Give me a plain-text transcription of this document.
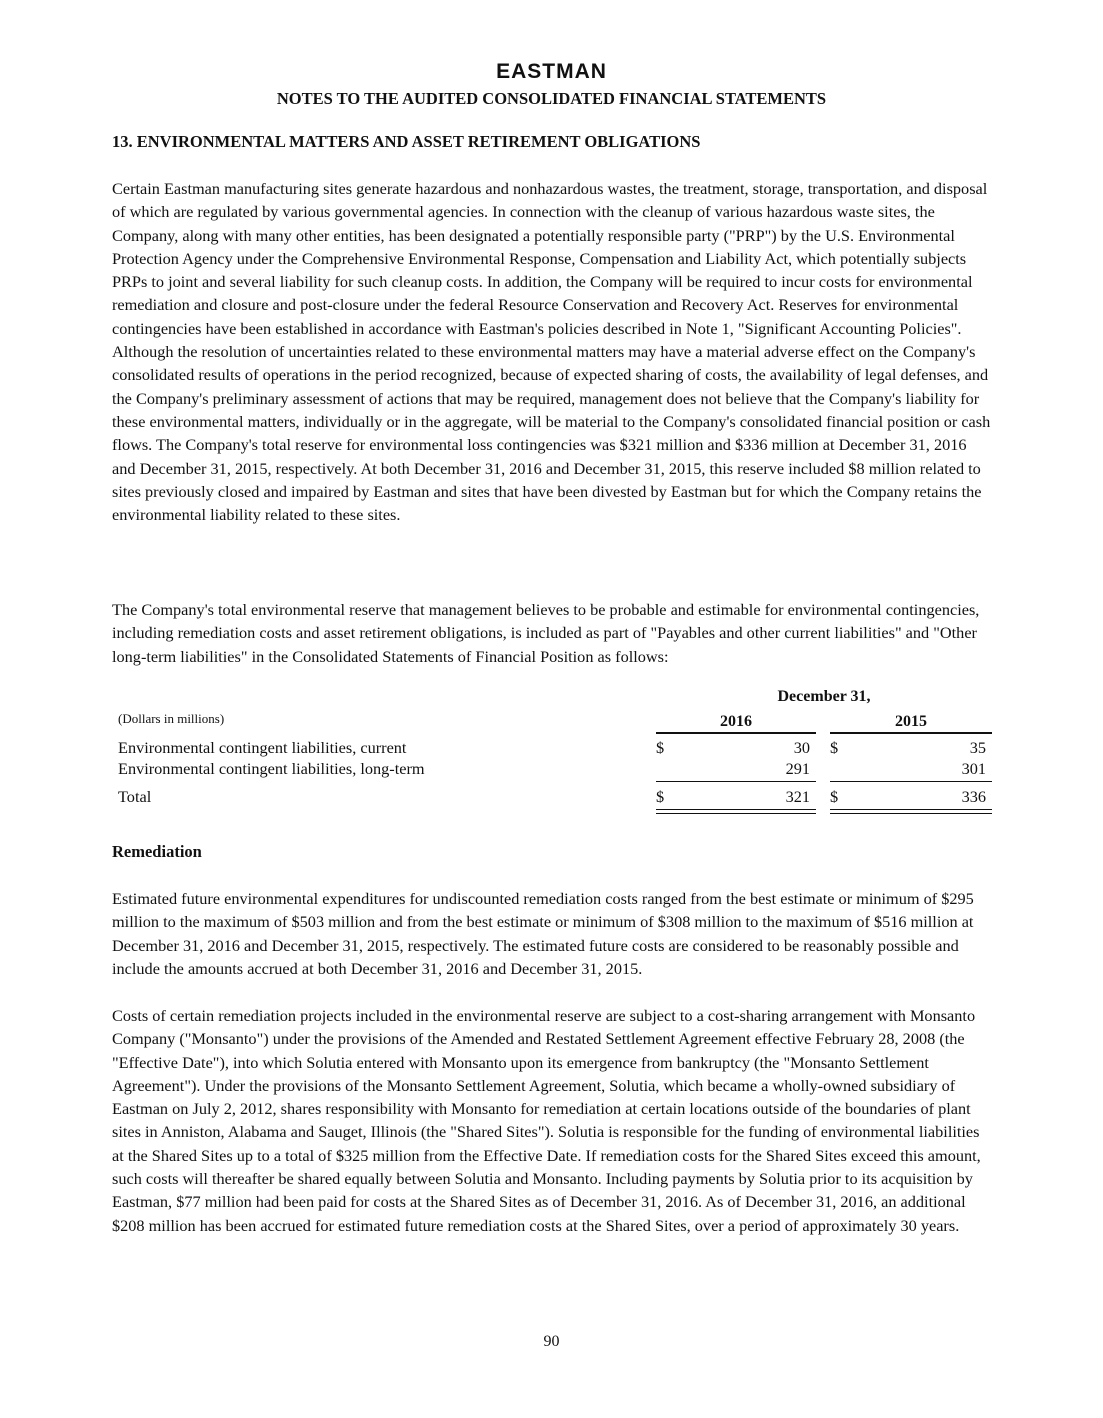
EASTMAN
NOTES TO THE AUDITED CONSOLIDATED FINANCIAL STATEMENTS
13. ENVIRONMENTAL MATTERS AND ASSET RETIREMENT OBLIGATIONS

Certain Eastman manufacturing sites generate hazardous and nonhazardous wastes, the treatment, storage, transportation, and disposal of which are regulated by various governmental agencies. In connection with the cleanup of various hazardous waste sites, the Company, along with many other entities, has been designated a potentially responsible party ("PRP") by the U.S. Environmental Protection Agency under the Comprehensive Environmental Response, Compensation and Liability Act, which potentially subjects PRPs to joint and several liability for such cleanup costs. In addition, the Company will be required to incur costs for environmental remediation and closure and post-closure under the federal Resource Conservation and Recovery Act. Reserves for environmental contingencies have been established in accordance with Eastman's policies described in Note 1, "Significant Accounting Policies". Although the resolution of uncertainties related to these environmental matters may have a material adverse effect on the Company's consolidated results of operations in the period recognized, because of expected sharing of costs, the availability of legal defenses, and the Company's preliminary assessment of actions that may be required, management does not believe that the Company's liability for these environmental matters, individually or in the aggregate, will be material to the Company's consolidated financial position or cash flows. The Company's total reserve for environmental loss contingencies was $321 million and $336 million at December 31, 2016 and December 31, 2015, respectively. At both December 31, 2016 and December 31, 2015, this reserve included $8 million related to sites previously closed and impaired by Eastman and sites that have been divested by Eastman but for which the Company retains the environmental liability related to these sites.

The Company's total environmental reserve that management believes to be probable and estimable for environmental contingencies, including remediation costs and asset retirement obligations, is included as part of "Payables and other current liabilities" and "Other long-term liabilities" in the Consolidated Statements of Financial Position as follows:

December 31,
(Dollars in millions)	2016	2015
Environmental contingent liabilities, current	$	30 $	35
Environmental contingent liabilities, long-term	291	301
Total	$	321 $	336
Remediation

Estimated future environmental expenditures for undiscounted remediation costs ranged from the best estimate or minimum of $295 million to the maximum of $503 million and from the best estimate or minimum of $308 million to the maximum of $516 million at December 31, 2016 and December 31, 2015, respectively. The estimated future costs are considered to be reasonably possible and include the amounts accrued at both December 31, 2016 and December 31, 2015.

Costs of certain remediation projects included in the environmental reserve are subject to a cost-sharing arrangement with Monsanto Company ("Monsanto") under the provisions of the Amended and Restated Settlement Agreement effective February 28, 2008 (the "Effective Date"), into which Solutia entered with Monsanto upon its emergence from bankruptcy (the "Monsanto Settlement Agreement"). Under the provisions of the Monsanto Settlement Agreement, Solutia, which became a wholly-owned subsidiary of Eastman on July 2, 2012, shares responsibility with Monsanto for remediation at certain locations outside of the boundaries of plant sites in Anniston, Alabama and Sauget, Illinois (the "Shared Sites"). Solutia is responsible for the funding of environmental liabilities at the Shared Sites up to a total of $325 million from the Effective Date. If remediation costs for the Shared Sites exceed this amount, such costs will thereafter be shared equally between Solutia and Monsanto. Including payments by Solutia prior to its acquisition by Eastman, $77 million had been paid for costs at the Shared Sites as of December 31, 2016. As of December 31, 2016, an additional $208 million has been accrued for estimated future remediation costs at the Shared Sites, over a period of approximately 30 years.

90
